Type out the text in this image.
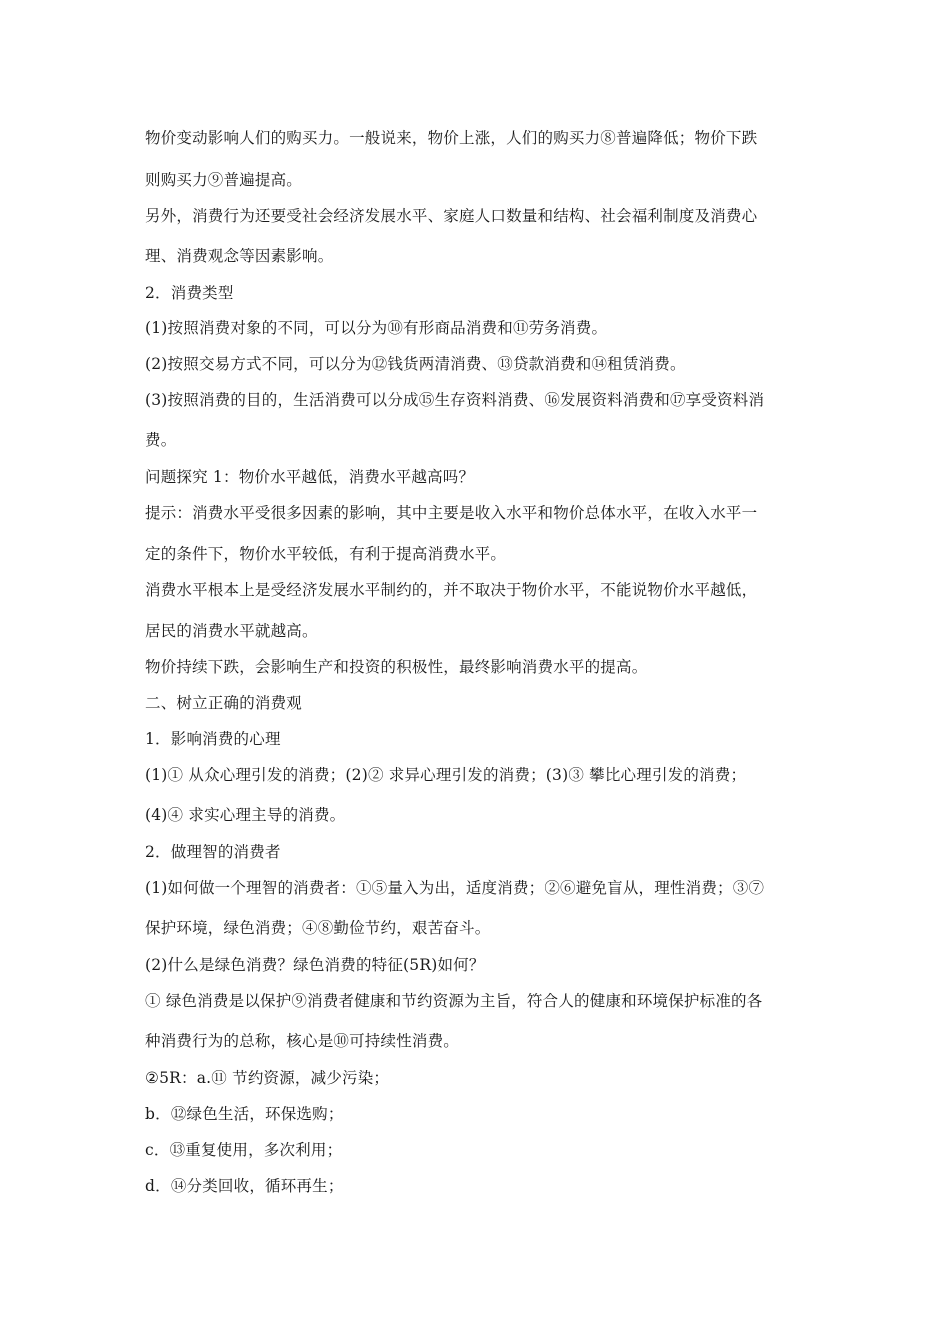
物价变动影响人们的购买力。一般说来，物价上涨，人们的购买力⑧普遍降低；物价下跌
则购买力⑨普遍提高。
另外，消费行为还要受社会经济发展水平、家庭人口数量和结构、社会福利制度及消费心
理、消费观念等因素影响。
2．消费类型
(1)按照消费对象的不同，可以分为⑩有形商品消费和⑪劳务消费。
(2)按照交易方式不同，可以分为⑫钱货两清消费、⑬贷款消费和⑭租赁消费。
(3)按照消费的目的，生活消费可以分成⑮生存资料消费、⑯发展资料消费和⑰享受资料消
费。
问题探究 1：物价水平越低，消费水平越高吗？
提示：消费水平受很多因素的影响，其中主要是收入水平和物价总体水平，在收入水平一
定的条件下，物价水平较低，有利于提高消费水平。
消费水平根本上是受经济发展水平制约的，并不取决于物价水平，不能说物价水平越低，
居民的消费水平就越高。
物价持续下跌，会影响生产和投资的积极性，最终影响消费水平的提高。
二、树立正确的消费观
1．影响消费的心理
(1)① 从众心理引发的消费；(2)② 求异心理引发的消费；(3)③ 攀比心理引发的消费；
(4)④ 求实心理主导的消费。
2．做理智的消费者
(1)如何做一个理智的消费者：①⑤量入为出，适度消费；②⑥避免盲从，理性消费；③⑦
保护环境，绿色消费；④⑧勤俭节约，艰苦奋斗。
(2)什么是绿色消费？绿色消费的特征(5R)如何？
① 绿色消费是以保护⑨消费者健康和节约资源为主旨，符合人的健康和环境保护标准的各
种消费行为的总称，核心是⑩可持续性消费。
②5R：a.⑪ 节约资源，减少污染；
b．⑫绿色生活，环保选购；
c．⑬重复使用，多次利用；
d．⑭分类回收，循环再生；
